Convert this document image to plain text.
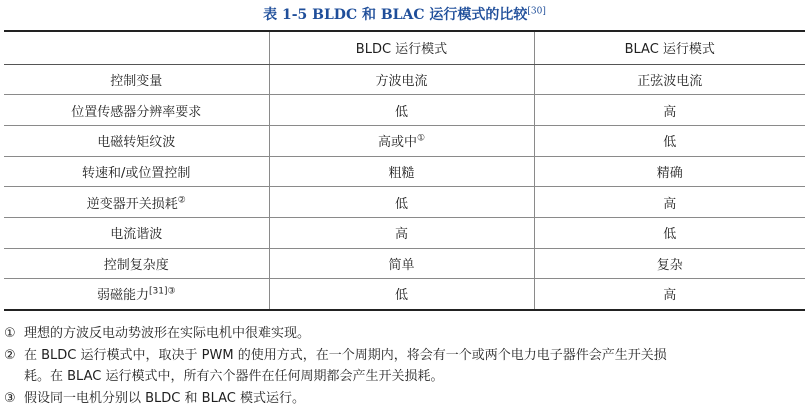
表 1-5 BLDC 和 BLAC 运行模式的比较[30]
	BLDC 运行模式	BLAC 运行模式
控制变量	方波电流	正弦波电流
位置传感器分辨率要求	低	高
电磁转矩纹波	高或中①	低
转速和/或位置控制	粗糙	精确
逆变器开关损耗②	低	高
电流谐波	高	低
控制复杂度	简单	复杂
弱磁能力$^{[31]③}$	低	高

① 理想的方波反电动势波形在实际电机中很难实现。

② 在 BLDC 运行模式中，取决于 PWM 的使用方式，在一个周期内，将会有一个或两个电力电子器件会产生开关损

耗。在 BLAC 运行模式中，所有六个器件在任何周期都会产生开关损耗。

③ 假设同一电机分别以 BLDC 和 BLAC 模式运行。
